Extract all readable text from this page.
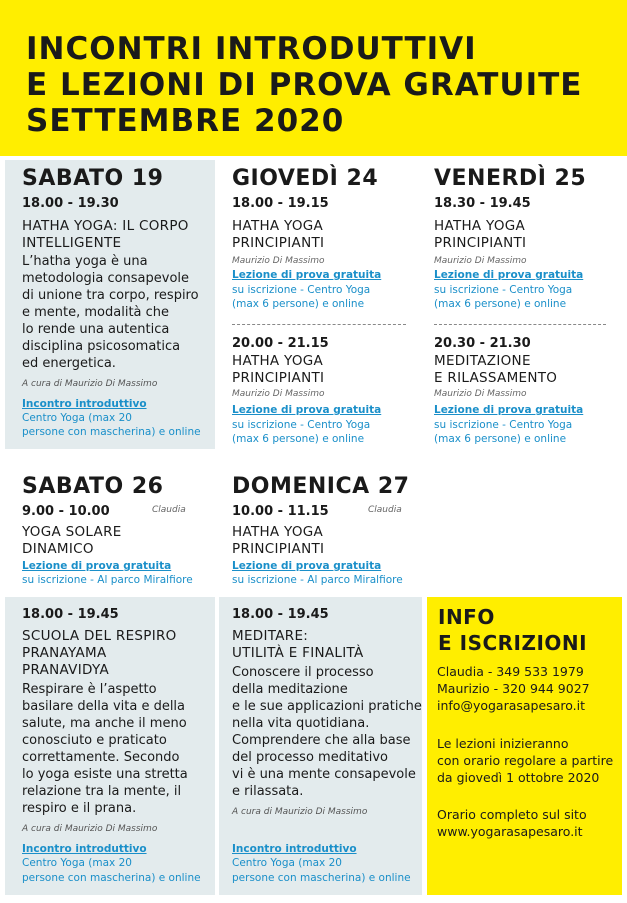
INCONTRI INTRODUTTIVI
E LEZIONI DI PROVA GRATUITE
SETTEMBRE 2020
SABATO 19
18.00 - 19.30
HATHA YOGA: IL CORPO
INTELLIGENTE
L’hatha yoga è una
metodologia consapevole
di unione tra corpo, respiro
e mente, modalità che
lo rende una autentica
disciplina psicosomatica
ed energetica.
A cura di Maurizio Di Massimo
Incontro introduttivo
Centro Yoga (max 20
persone con mascherina) e online
GIOVEDÌ 24
18.00 - 19.15
HATHA YOGA
PRINCIPIANTI
Maurizio Di Massimo
Lezione di prova gratuita
su iscrizione - Centro Yoga
(max 6 persone) e online
20.00 - 21.15
HATHA YOGA
PRINCIPIANTI
Maurizio Di Massimo
Lezione di prova gratuita
su iscrizione - Centro Yoga
(max 6 persone) e online
VENERDÌ 25
18.30 - 19.45
HATHA YOGA
PRINCIPIANTI
Maurizio Di Massimo
Lezione di prova gratuita
su iscrizione - Centro Yoga
(max 6 persone) e online
20.30 - 21.30
MEDITAZIONE
E RILASSAMENTO
Maurizio Di Massimo
Lezione di prova gratuita
su iscrizione - Centro Yoga
(max 6 persone) e online
SABATO 26
9.00 - 10.00	Claudia
YOGA SOLARE
DINAMICO
Lezione di prova gratuita
su iscrizione - Al parco Miralfiore
DOMENICA 27
10.00 - 11.15	Claudia
HATHA YOGA
PRINCIPIANTI
Lezione di prova gratuita
su iscrizione - Al parco Miralfiore
18.00 - 19.45
SCUOLA DEL RESPIRO
PRANAYAMA
PRANAVIDYA
Respirare è l’aspetto
basilare della vita e della
salute, ma anche il meno
conosciuto e praticato
correttamente. Secondo
lo yoga esiste una stretta
relazione tra la mente, il
respiro e il prana.
A cura di Maurizio Di Massimo
Incontro introduttivo
Centro Yoga (max 20
persone con mascherina) e online
18.00 - 19.45
MEDITARE:
UTILITÀ E FINALITÀ
Conoscere il processo
della meditazione
e le sue applicazioni pratiche
nella vita quotidiana.
Comprendere che alla base
del processo meditativo
vi è una mente consapevole
e rilassata.
A cura di Maurizio Di Massimo
Incontro introduttivo
Centro Yoga (max 20
persone con mascherina) e online
INFO
E ISCRIZIONI
Claudia - 349 533 1979
Maurizio - 320 944 9027
info@yogarasapesaro.it
Le lezioni inizieranno
con orario regolare a partire
da giovedì 1 ottobre 2020
Orario completo sul sito
www.yogarasapesaro.it
